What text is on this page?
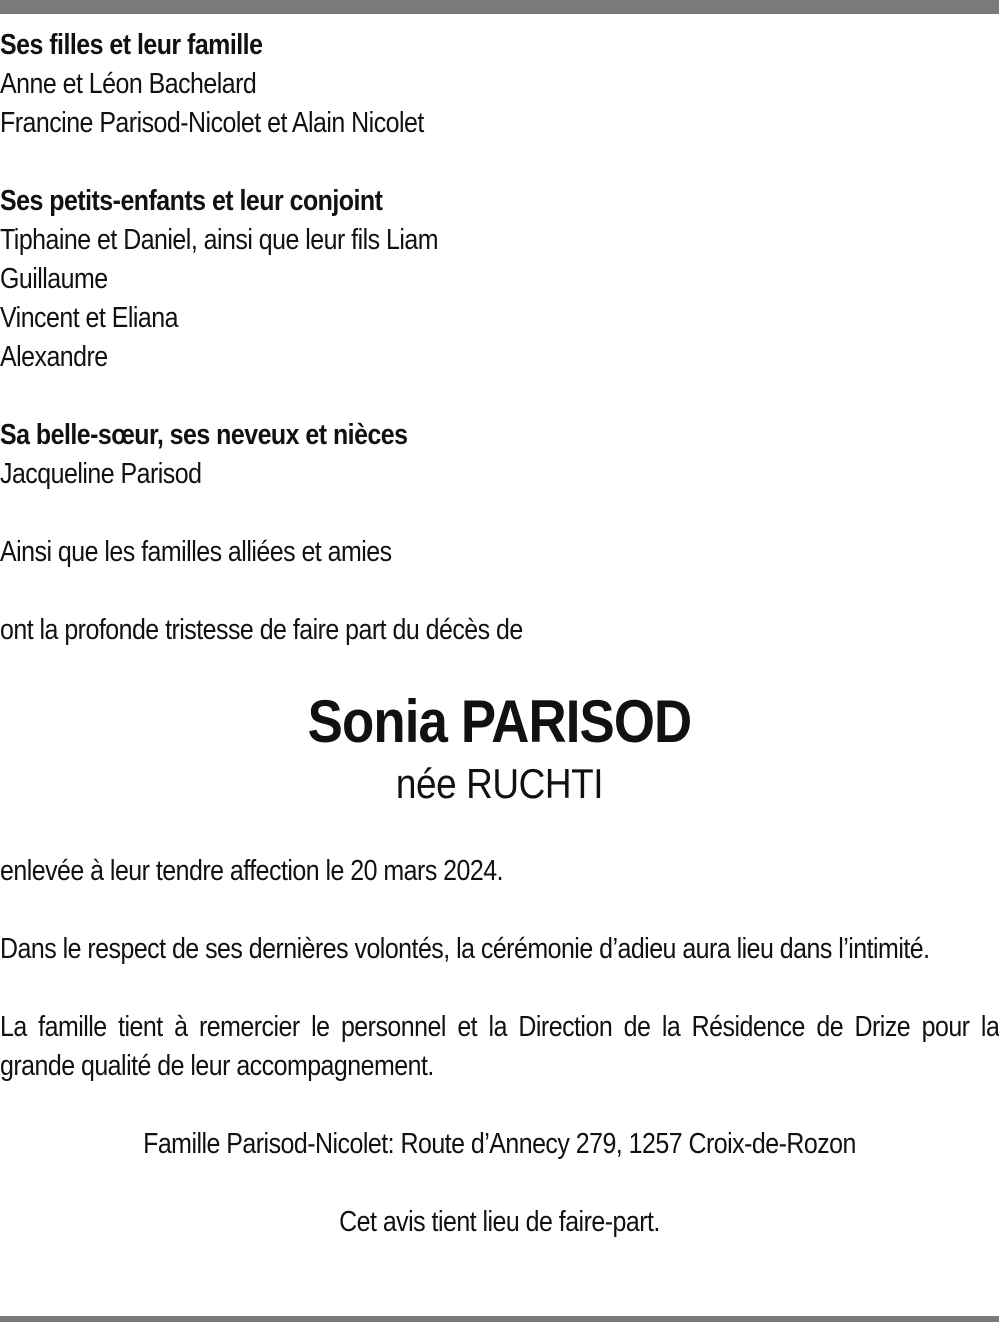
Ses filles et leur famille
Anne et Léon Bachelard
Francine Parisod-Nicolet et Alain Nicolet
Ses petits-enfants et leur conjoint
Tiphaine et Daniel, ainsi que leur fils Liam
Guillaume
Vincent et Eliana
Alexandre
Sa belle-sœur, ses neveux et nièces
Jacqueline Parisod
Ainsi que les familles alliées et amies
ont la profonde tristesse de faire part du décès de
Sonia PARISOD
née RUCHTI
enlevée à leur tendre affection le 20 mars 2024.
Dans le respect de ses dernières volontés, la cérémonie d’adieu aura lieu dans l’intimité.
La famille tient à remercier le personnel et la Direction de la Résidence de Drize pour la grande qualité de leur accompagnement.
Famille Parisod-Nicolet: Route d’Annecy 279, 1257 Croix-de-Rozon
Cet avis tient lieu de faire-part.
